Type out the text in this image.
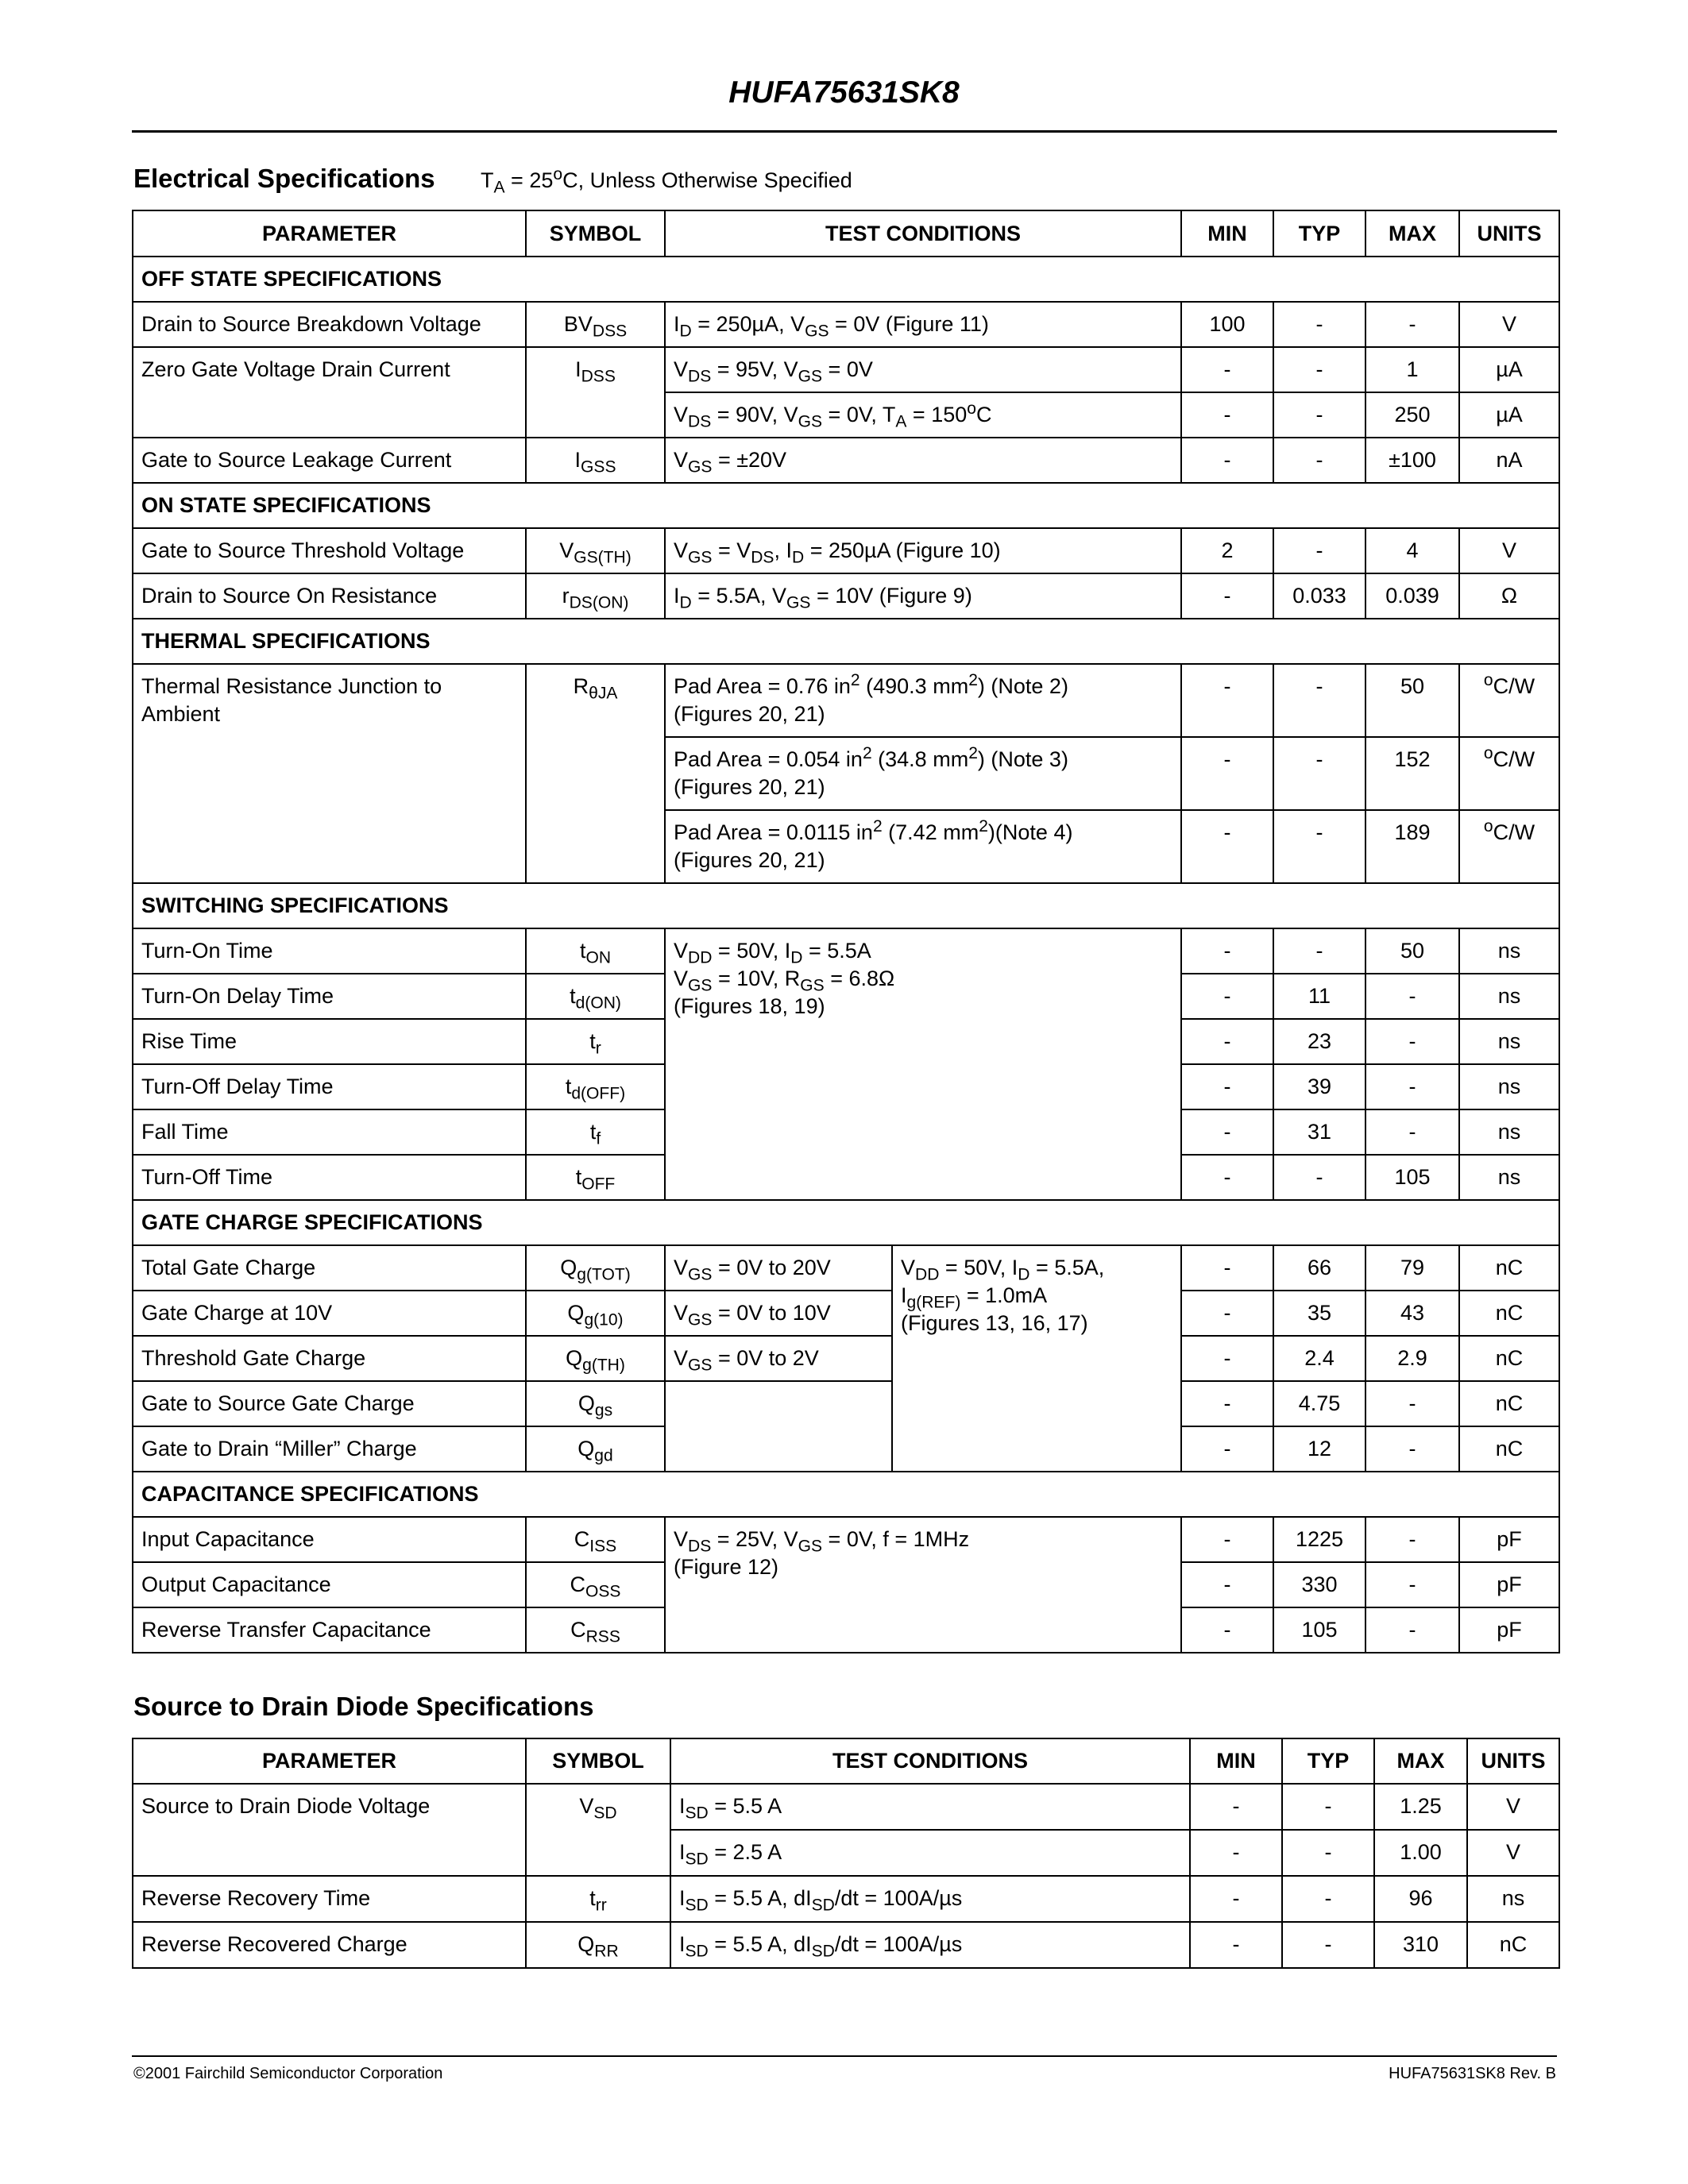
HUFA75631SK8
Electrical Specifications $T_A = 25^oC$, Unless Otherwise Specified
PARAMETER	SYMBOL	TEST CONDITIONS		MIN	TYP	MAX	UNITS
OFF STATE SPECIFICATIONS							
Drain to Source Breakdown Voltage	$BV_{DSS}$	$I_D = 250\mu A$, $V_{GS} = 0V$ (Figure 11)		100	-	-	V
Zero Gate Voltage Drain Current	$I_{DSS}$	$V_{DS} = 95V$, $V_{GS} = 0V$		-	-	1	µA
		$V_{DS} = 90V$, $V_{GS} = 0V$, $T_A = 150^oC$		-	-	250	µA
Gate to Source Leakage Current	$I_{GSS}$	$V_{GS} = \pm 20V$		-	-	±100	nA
ON STATE SPECIFICATIONS							
Gate to Source Threshold Voltage	$V_{GS(TH)}$	$V_{GS} = V_{DS}$, $I_D = 250\mu A$ (Figure 10)		2	-	4	V
Drain to Source On Resistance	$r_{DS(ON)}$	$I_D = 5.5A$, $V_{GS} = 10V$ (Figure 9)		-	0.033	0.039	Ω
THERMAL SPECIFICATIONS							
Thermal Resistance Junction to Ambient	$R_{\theta JA}$	Pad Area = 0.76 $in^2$ (490.3 $mm^2$) (Note 2)
(Figures 20, 21)		-	-	50	$^o$C/W
		Pad Area = 0.054 $in^2$ (34.8 $mm^2$) (Note 3)
(Figures 20, 21)		-	-	152	$^o$C/W
		Pad Area = 0.0115 $in^2$ (7.42 $mm^2)(Note$ 4)
(Figures 20, 21)		-	-	189	$^o$C/W
SWITCHING SPECIFICATIONS							
Turn-On Time	$t_{ON}$	$V_{DD} = 50V$, $I_D = 5.5A$
$V_{GS} = 10V$, $R_{GS} = 6.8\Omega$
(Figures 18, 19)		-	-	50	ns
Turn-On Delay Time	$t_{d(ON)}$			-	11	-	ns
Rise Time	$t_r$			-	23	-	ns
Turn-Off Delay Time	$t_{d(OFF)}$			-	39	-	ns
Fall Time	$t_f$			-	31	-	ns
Turn-Off Time	$t_{OFF}$			-	-	105	ns
GATE CHARGE SPECIFICATIONS							
Total Gate Charge	$Q_{g(TOT)}$	$V_{GS} = 0V$ to 20V	$V_{DD} = 50V$, $I_D = 5.5A$,
$I_{g(REF)} = 1.0mA$
(Figures 13, 16, 17)	-	66	79	nC
Gate Charge at 10V	$Q_{g(10)}$	$V_{GS} = 0V$ to 10V		-	35	43	nC
Threshold Gate Charge	$Q_{g(TH)}$	$V_{GS} = 0V$ to 2V		-	2.4	2.9	nC
Gate to Source Gate Charge	$Q_{gs}$			-	4.75	-	nC
Gate to Drain “Miller” Charge	$Q_{gd}$			-	12	-	nC
CAPACITANCE SPECIFICATIONS							
Input Capacitance	$C_{ISS}$	$V_{DS} = 25V$, $V_{GS} = 0V$, f = 1MHz
(Figure 12)		-	1225	-	pF
Output Capacitance	$C_{OSS}$			-	330	-	pF
Reverse Transfer Capacitance	$C_{RSS}$			-	105	-	pF
Source to Drain Diode Specifications
PARAMETER	SYMBOL	TEST CONDITIONS	MIN	TYP	MAX	UNITS
Source to Drain Diode Voltage	$V_{SD}$	$I_{SD} = 5.5$ A	-	-	1.25	V
		$I_{SD} = 2.5$ A	-	-	1.00	V
Reverse Recovery Time	$t_{rr}$	$I_{SD} = 5.5$ A, $dI_{SD}/dt = 100A/\mu s$	-	-	96	ns
Reverse Recovered Charge	$Q_{RR}$	$I_{SD} = 5.5$ A, $dI_{SD}/dt = 100A/\mu s$	-	-	310	nC
©2001 Fairchild Semiconductor Corporation	HUFA75631SK8 Rev. B
